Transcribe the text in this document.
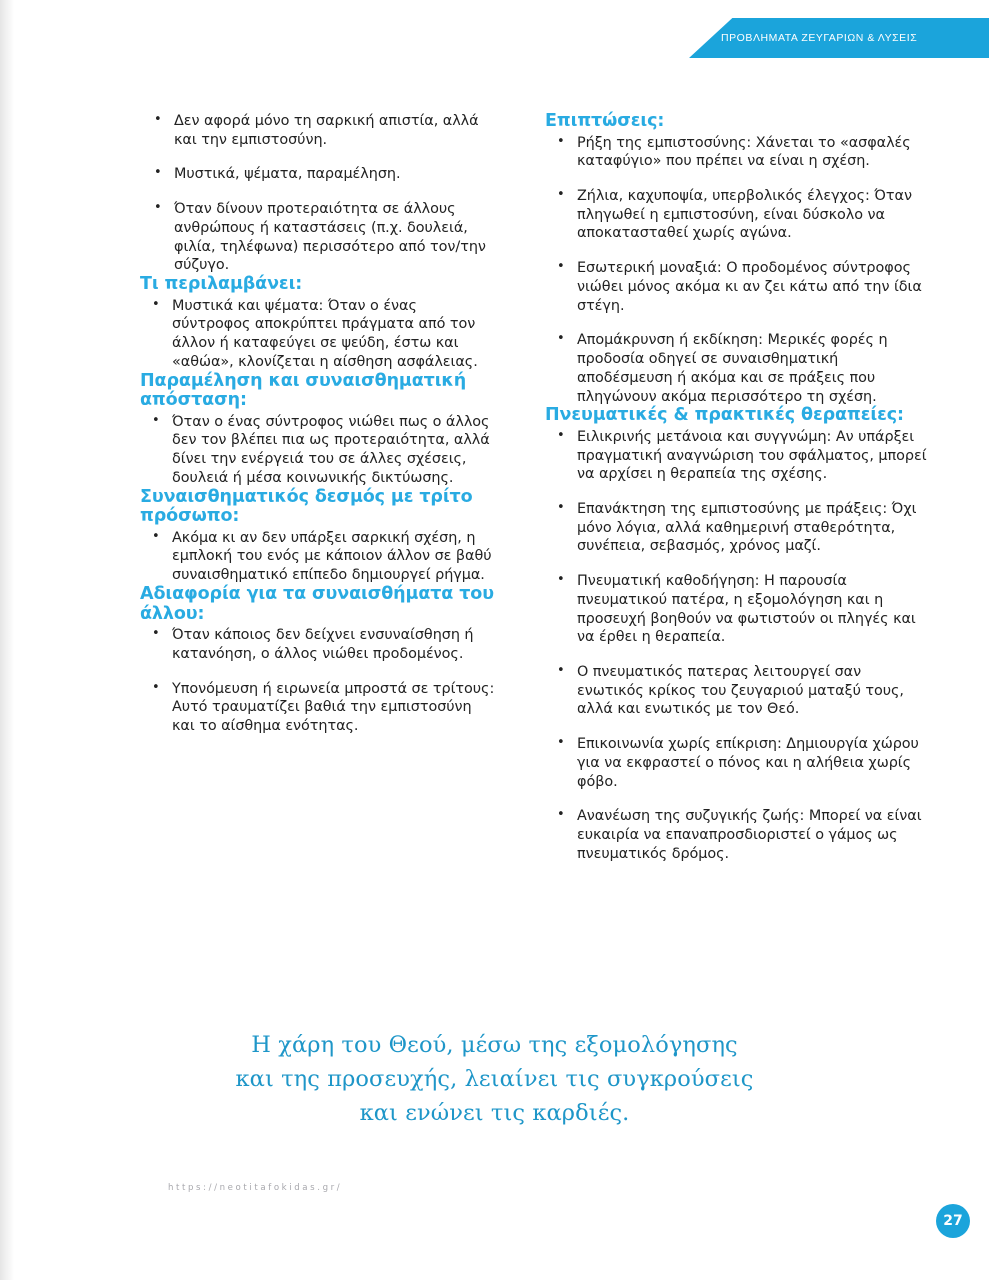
ΠΡΟΒΛΗΜΑΤΑ ΖΕΥΓΑΡΙΩΝ & ΛΥΣΕΙΣ
• Δεν αφορά μόνο τη σαρκική απιστία, αλλά και την εμπιστοσύνη.
• Μυστικά, ψέματα, παραμέληση.
• Όταν δίνουν προτεραιότητα σε άλλους ανθρώπους ή καταστάσεις (π.χ. δουλειά, φιλία, τηλέφωνα) περισσότερο από τον/την σύζυγο.
Τι περιλαμβάνει:
• Μυστικά και ψέματα: Όταν ο ένας σύντροφος αποκρύπτει πράγματα από τον άλλον ή καταφεύγει σε ψεύδη, έστω και «αθώα», κλονίζεται η αίσθηση ασφάλειας.
Παραμέληση και συναισθηματική απόσταση:
• Όταν ο ένας σύντροφος νιώθει πως ο άλλος δεν τον βλέπει πια ως προτεραιότητα, αλλά δίνει την ενέργειά του σε άλλες σχέσεις, δουλειά ή μέσα κοινωνικής δικτύωσης.
Συναισθηματικός δεσμός με τρίτο πρόσωπο:
• Ακόμα κι αν δεν υπάρξει σαρκική σχέση, η εμπλοκή του ενός με κάποιον άλλον σε βαθύ συναισθηματικό επίπεδο δημιουργεί ρήγμα.
Αδιαφορία για τα συναισθήματα του άλλου:
• Όταν κάποιος δεν δείχνει ενσυναίσθηση ή κατανόηση, ο άλλος νιώθει προδομένος.
• Υπονόμευση ή ειρωνεία μπροστά σε τρίτους: Αυτό τραυματίζει βαθιά την εμπιστοσύνη και το αίσθημα ενότητας.
Επιπτώσεις:
• Ρήξη της εμπιστοσύνης: Χάνεται το «ασφαλές καταφύγιο» που πρέπει να είναι η σχέση.
• Ζήλια, καχυποψία, υπερβολικός έλεγχος: Όταν πληγωθεί η εμπιστοσύνη, είναι δύσκολο να αποκατασταθεί χωρίς αγώνα.
• Εσωτερική μοναξιά: Ο προδομένος σύντροφος νιώθει μόνος ακόμα κι αν ζει κάτω από την ίδια στέγη.
• Απομάκρυνση ή εκδίκηση: Μερικές φορές η προδοσία οδηγεί σε συναισθηματική αποδέσμευση ή ακόμα και σε πράξεις που πληγώνουν ακόμα περισσότερο τη σχέση.
Πνευματικές & πρακτικές θεραπείες:
• Ειλικρινής μετάνοια και συγγνώμη: Αν υπάρξει πραγματική αναγνώριση του σφάλματος, μπορεί να αρχίσει η θεραπεία της σχέσης.
• Επανάκτηση της εμπιστοσύνης με πράξεις: Όχι μόνο λόγια, αλλά καθημερινή σταθερότητα, συνέπεια, σεβασμός, χρόνος μαζί.
• Πνευματική καθοδήγηση: Η παρουσία πνευματικού πατέρα, η εξομολόγηση και η προσευχή βοηθούν να φωτιστούν οι πληγές και να έρθει η θεραπεία.
• Ο πνευματικός πατερας λειτουργεί σαν ενωτικός κρίκος του ζευγαριού ματαξύ τους, αλλά και ενωτικός με τον Θεό.
• Επικοινωνία χωρίς επίκριση: Δημιουργία χώρου για να εκφραστεί ο πόνος και η αλήθεια χωρίς φόβο.
• Ανανέωση της συζυγικής ζωής: Μπορεί να είναι ευκαιρία να επαναπροσδιοριστεί ο γάμος ως πνευματικός δρόμος.
Η χάρη του Θεού, μέσω της εξομολόγησης
και της προσευχής, λειαίνει τις συγκρούσεις
και ενώνει τις καρδιές.
https://neotitafokidas.gr/
27
